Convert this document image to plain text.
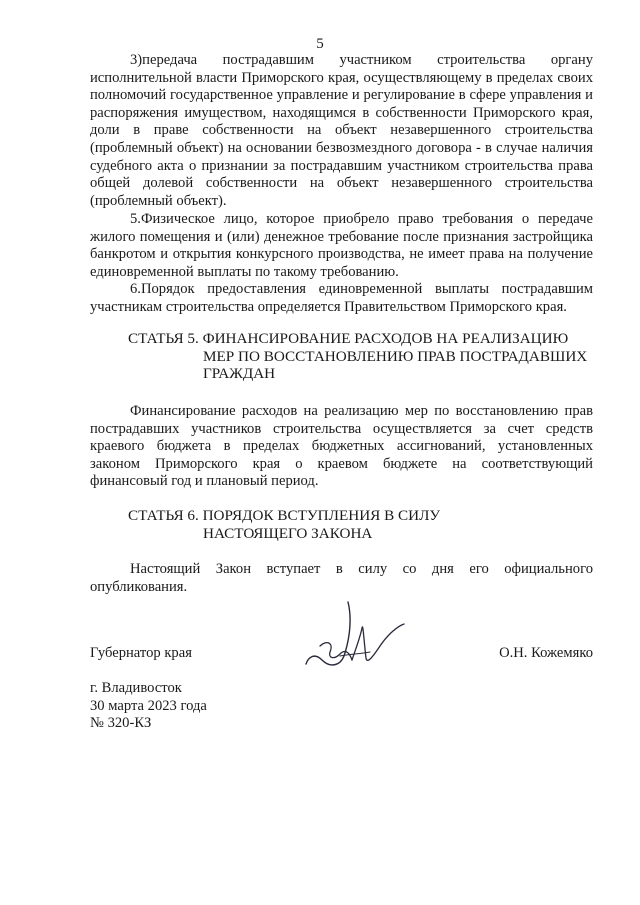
5

3)передача пострадавшим участником строительства органу исполнительной власти Приморского края, осуществляющему в пределах своих полномочий государственное управление и регулирование в сфере управления и распоряжения имуществом, находящимся в собственности Приморского края, доли в праве собственности на объект незавершенного строительства (проблемный объект) на основании безвозмездного договора - в случае наличия судебного акта о признании за пострадавшим участником строительства права общей долевой собственности на объект незавершенного строительства (проблемный объект).

5.Физическое лицо, которое приобрело право требования о передаче жилого помещения и (или) денежное требование после признания застройщика банкротом и открытия конкурсного производства, не имеет права на получение единовременной выплаты по такому требованию.

6.Порядок предоставления единовременной выплаты пострадавшим участникам строительства определяется Правительством Приморского края.

СТАТЬЯ 5. ФИНАНСИРОВАНИЕ РАСХОДОВ НА РЕАЛИЗАЦИЮ
МЕР ПО ВОССТАНОВЛЕНИЮ ПРАВ ПОСТРАДАВШИХ
ГРАЖДАН

Финансирование расходов на реализацию мер по восстановлению прав пострадавших участников строительства осуществляется за счет средств краевого бюджета в пределах бюджетных ассигнований, установленных законом Приморского края о краевом бюджете на соответствующий финансовый год и плановый период.

СТАТЬЯ 6. ПОРЯДОК ВСТУПЛЕНИЯ В СИЛУ
НАСТОЯЩЕГО ЗАКОНА

Настоящий Закон вступает в силу со дня его официального опубликования.

Губернатор края	О.Н. Кожемяко
г. Владивосток
30 марта 2023 года
№ 320-КЗ
